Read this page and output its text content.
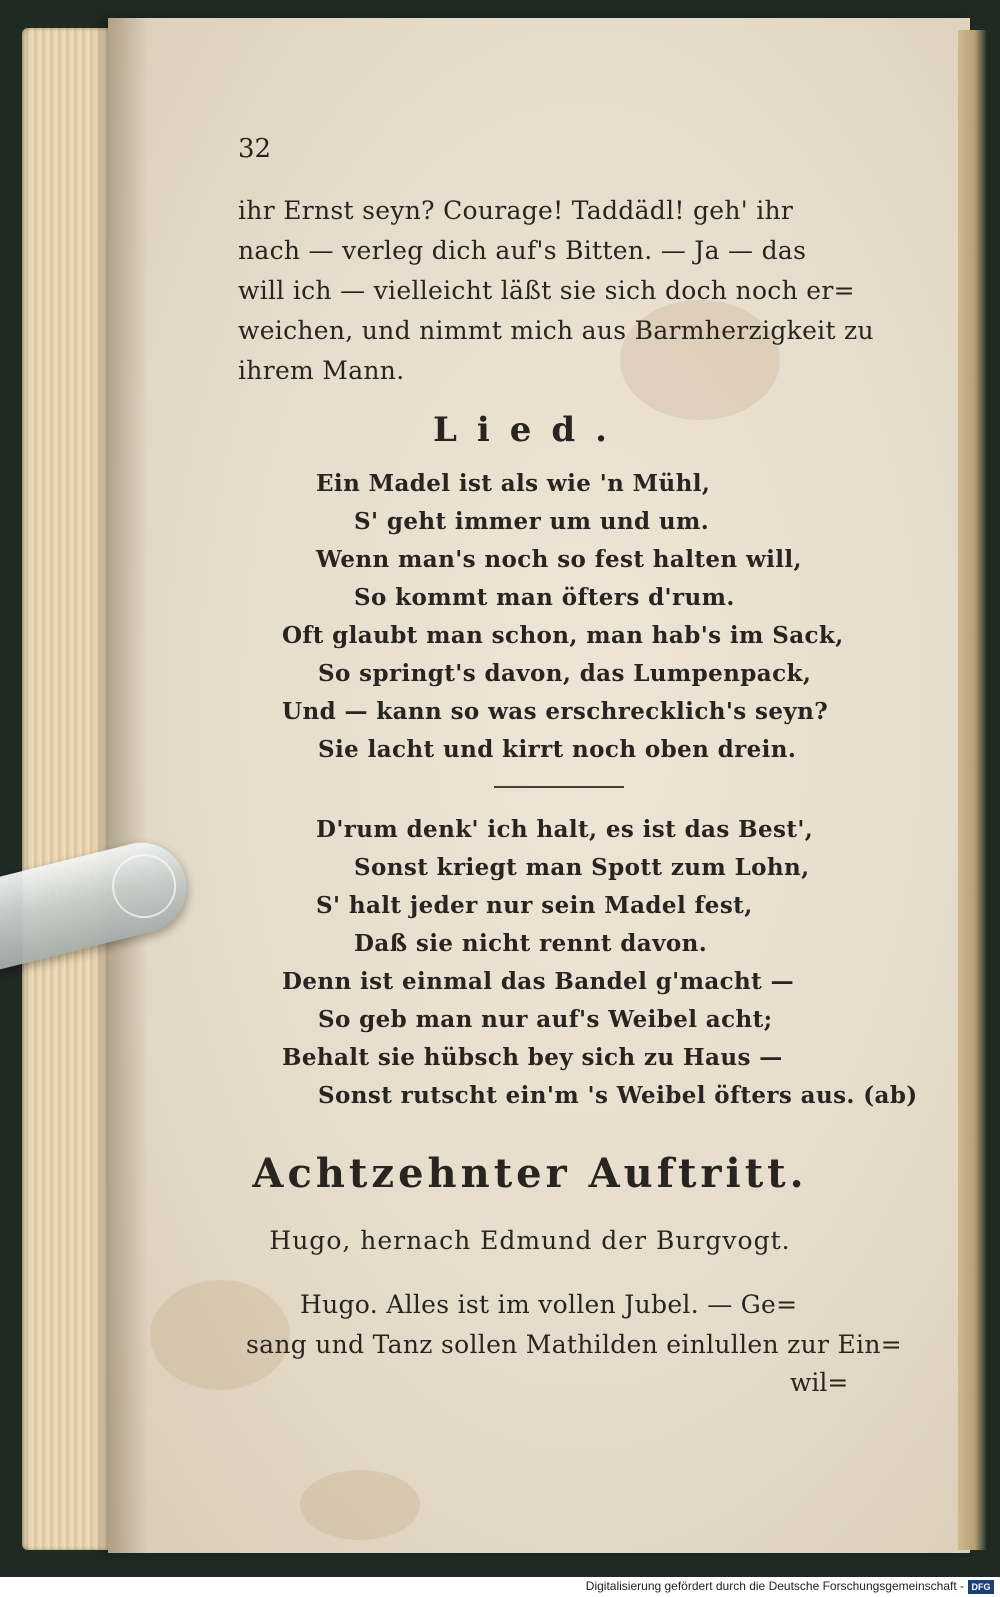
32
ihr Ernst seyn? Courage! Taddädl! geh' ihr
nach — verleg dich auf's Bitten. — Ja — das
will ich — vielleicht läßt sie sich doch noch er=
weichen, und nimmt mich aus Barmherzigkeit zu
ihrem Mann.
Lied.
Ein Madel ist als wie 'n Mühl,
S' geht immer um und um.
Wenn man's noch so fest halten will,
So kommt man öfters d'rum.
Oft glaubt man schon, man hab's im Sack,
So springt's davon, das Lumpenpack,
Und — kann so was erschrecklich's seyn?
Sie lacht und kirrt noch oben drein.
D'rum denk' ich halt, es ist das Best',
Sonst kriegt man Spott zum Lohn,
S' halt jeder nur sein Madel fest,
Daß sie nicht rennt davon.
Denn ist einmal das Bandel g'macht —
So geb man nur auf's Weibel acht;
Behalt sie hübsch bey sich zu Haus —
Sonst rutscht ein'm 's Weibel öfters aus. (ab)
Achtzehnter Auftritt.
Hugo, hernach Edmund der Burgvogt.
Hugo. Alles ist im vollen Jubel. — Ge=
sang und Tanz sollen Mathilden einlullen zur Ein=
wil=
Digitalisierung gefördert durch die Deutsche Forschungsgemeinschaft - DFG
